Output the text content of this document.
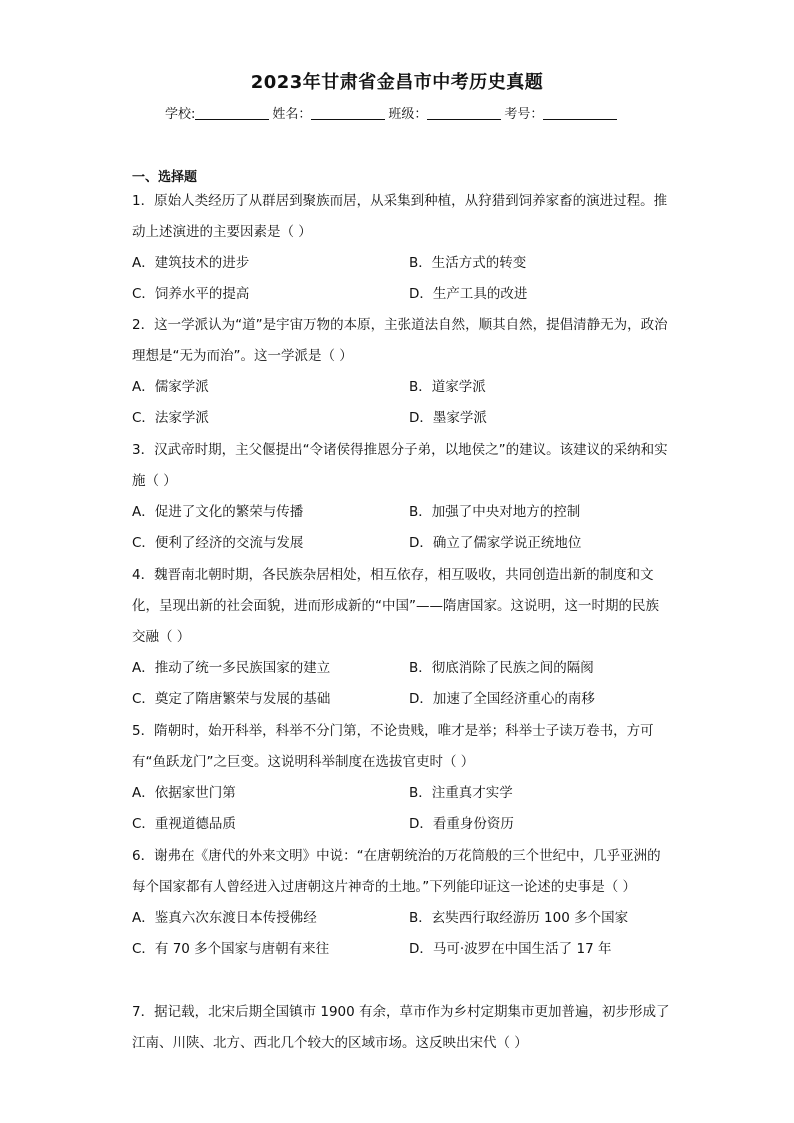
2023年甘肃省金昌市中考历史真题
学校:	姓名：	班级：	考号：
一、选择题
1．原始人类经历了从群居到聚族而居，从采集到种植，从狩猎到饲养家畜的演进过程。推动上述演进的主要因素是（ ）
A．建筑技术的进步	B．生活方式的转变
C．饲养水平的提高	D．生产工具的改进
2．这一学派认为“道”是宇宙万物的本原，主张道法自然，顺其自然，提倡清静无为，政治理想是“无为而治”。这一学派是（ ）
A．儒家学派	B．道家学派
C．法家学派	D．墨家学派
3．汉武帝时期，主父偃提出“令诸侯得推恩分子弟，以地侯之”的建议。该建议的采纳和实施（ ）
A．促进了文化的繁荣与传播	B．加强了中央对地方的控制
C．便利了经济的交流与发展	D．确立了儒家学说正统地位
4．魏晋南北朝时期，各民族杂居相处，相互依存，相互吸收，共同创造出新的制度和文化，呈现出新的社会面貌，进而形成新的“中国”——隋唐国家。这说明，这一时期的民族交融（ ）
A．推动了统一多民族国家的建立	B．彻底消除了民族之间的隔阂
C．奠定了隋唐繁荣与发展的基础	D．加速了全国经济重心的南移
5．隋朝时，始开科举，科举不分门第，不论贵贱，唯才是举；科举士子读万卷书，方可有“鱼跃龙门”之巨变。这说明科举制度在选拔官吏时（ ）
A．依据家世门第	B．注重真才实学
C．重视道德品质	D．看重身份资历
6．谢弗在《唐代的外来文明》中说：“在唐朝统治的万花筒般的三个世纪中，几乎亚洲的每个国家都有人曾经进入过唐朝这片神奇的土地。”下列能印证这一论述的史事是（ ）
A．鉴真六次东渡日本传授佛经	B．玄奘西行取经游历 100 多个国家
C．有 70 多个国家与唐朝有来往	D．马可·波罗在中国生活了 17 年
7．据记载，北宋后期全国镇市 1900 有余，草市作为乡村定期集市更加普遍，初步形成了江南、川陕、北方、西北几个较大的区域市场。这反映出宋代（ ）
